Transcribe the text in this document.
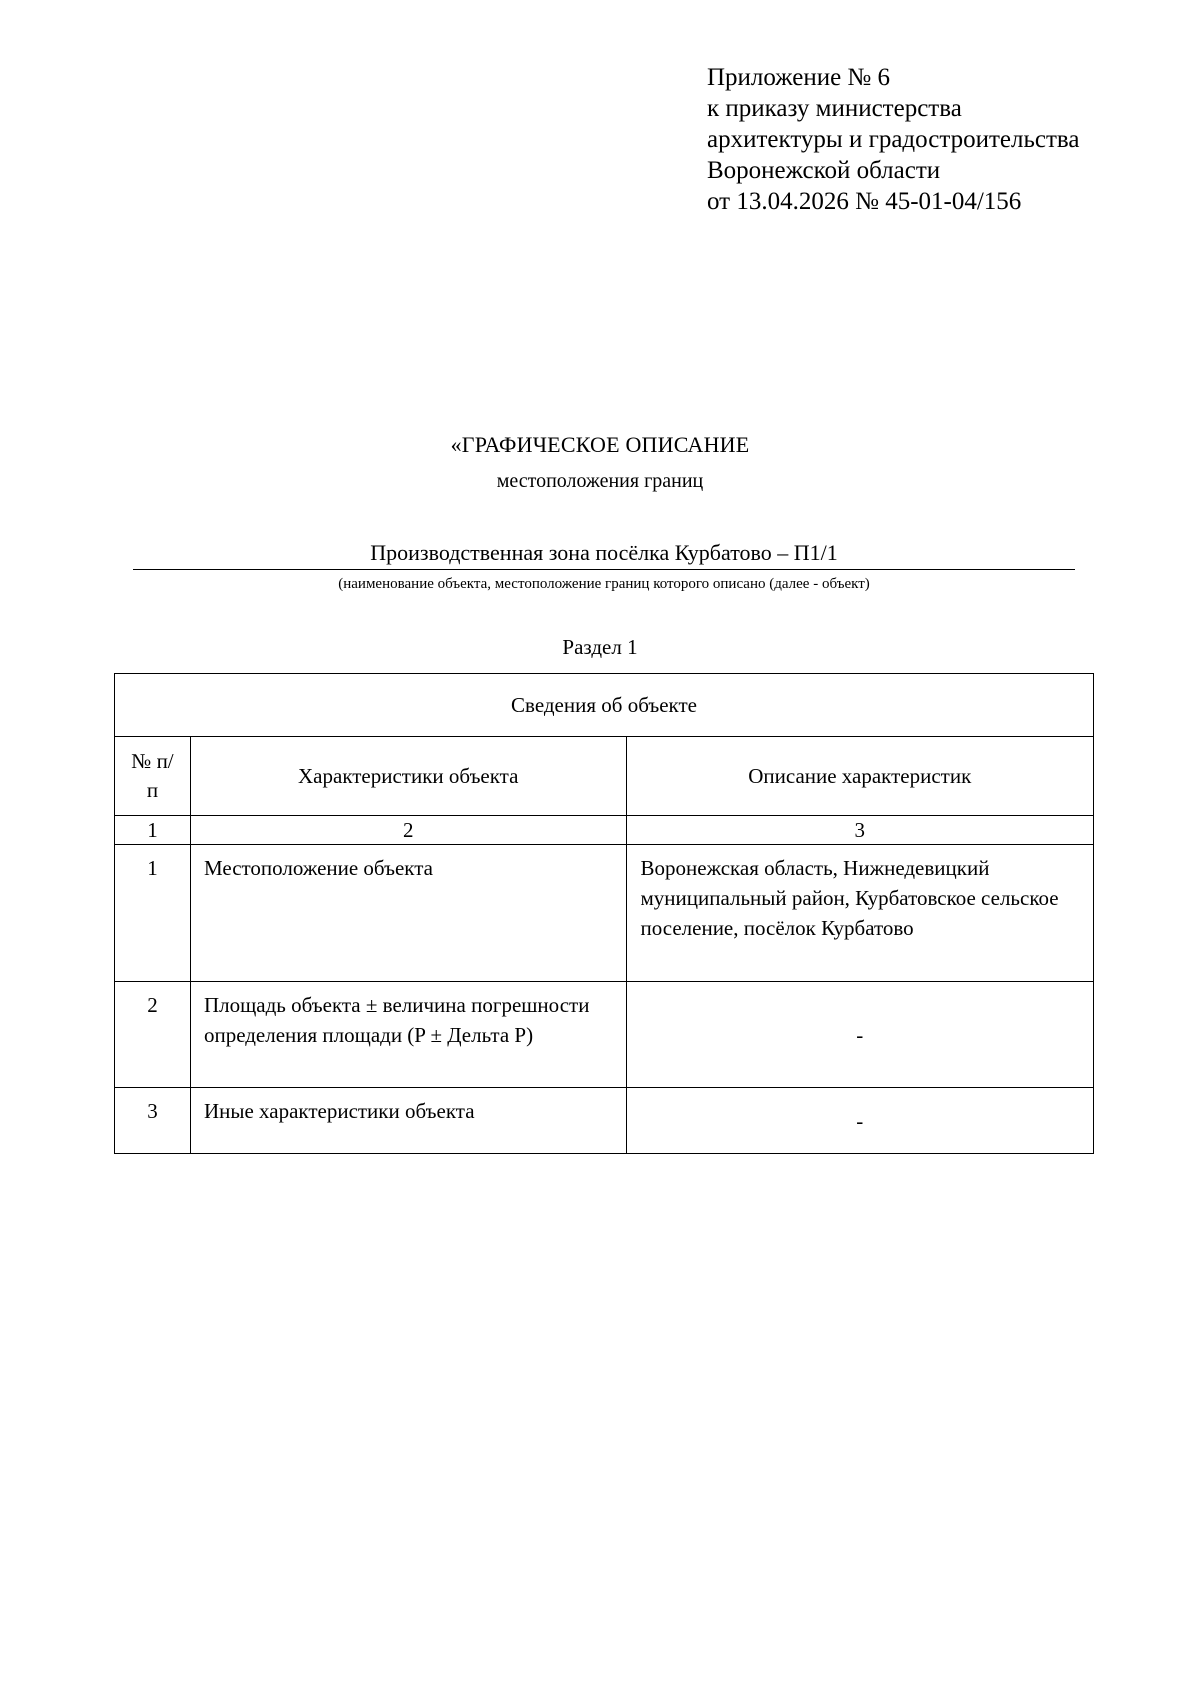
Приложение № 6
к приказу министерства
архитектуры и градостроительства
Воронежской области
от 13.04.2026 № 45-01-04/156
«ГРАФИЧЕСКОЕ ОПИСАНИЕ
местоположения границ
Производственная зона посёлка Курбатово – П1/1
(наименование объекта, местоположение границ которого описано (далее - объект)
Раздел 1
Сведения об объекте		
№ п/п	Характеристики объекта	Описание характеристик
1	2	3
1	Местоположение объекта	Воронежская область, Нижнедевицкий муниципальный район, Курбатовское сельское поселение, посёлок Курбатово
2	Площадь объекта ± величина погрешности определения площади (P ± Дельта P)	-
3	Иные характеристики объекта	-
